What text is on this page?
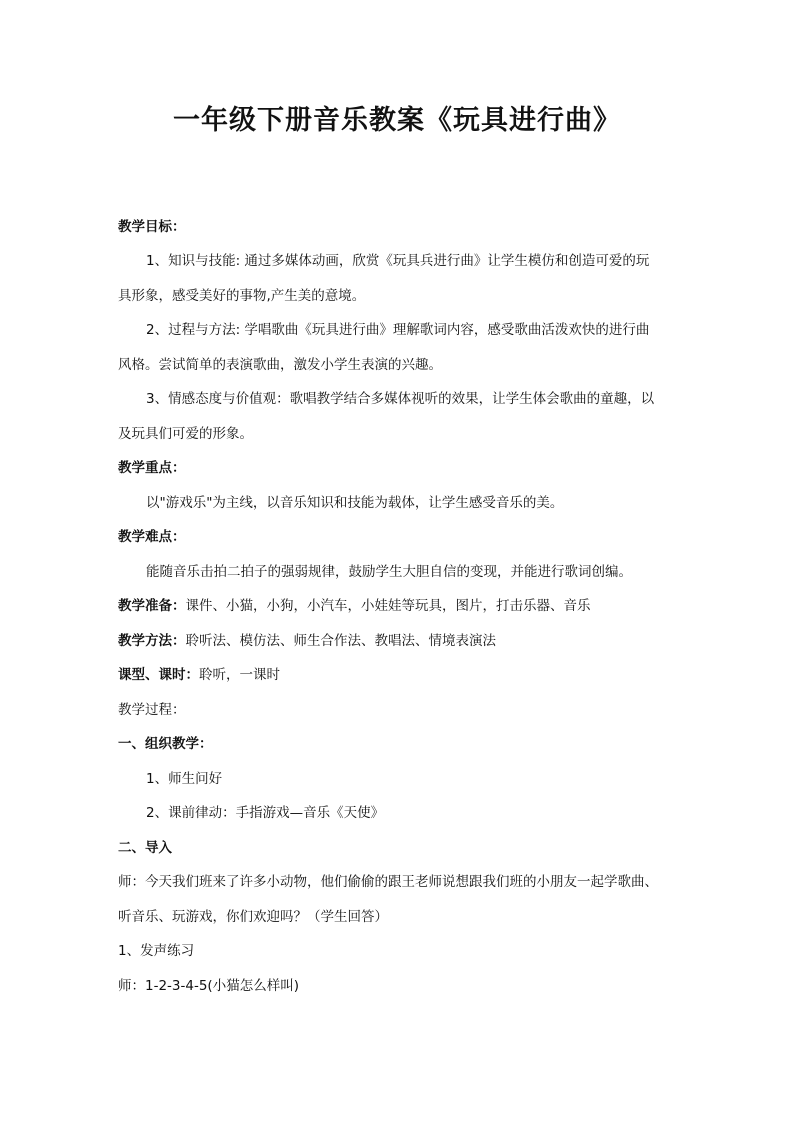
一年级下册音乐教案《玩具进行曲》
教学目标：
1、知识与技能: 通过多媒体动画，欣赏《玩具兵进行曲》让学生模仿和创造可爱的玩
具形象，感受美好的事物,产生美的意境。
2、过程与方法: 学唱歌曲《玩具进行曲》理解歌词内容，感受歌曲活泼欢快的进行曲
风格。尝试简单的表演歌曲，激发小学生表演的兴趣。
3、情感态度与价值观：歌唱教学结合多媒体视听的效果，让学生体会歌曲的童趣，以
及玩具们可爱的形象。
教学重点：
以"游戏乐"为主线，以音乐知识和技能为载体，让学生感受音乐的美。
教学难点：
能随音乐击拍二拍子的强弱规律，鼓励学生大胆自信的变现，并能进行歌词创编。
教学准备：课件、小猫，小狗，小汽车，小娃娃等玩具，图片，打击乐器、音乐
教学方法：聆听法、模仿法、师生合作法、教唱法、情境表演法
课型、课时：聆听，一课时
教学过程：
一、组织教学：
1、师生问好
2、课前律动：手指游戏—音乐《天使》
二、导入
师：今天我们班来了许多小动物，他们偷偷的跟王老师说想跟我们班的小朋友一起学歌曲、
听音乐、玩游戏，你们欢迎吗？（学生回答）
1、发声练习
师：1-2-3-4-5(小猫怎么样叫)
